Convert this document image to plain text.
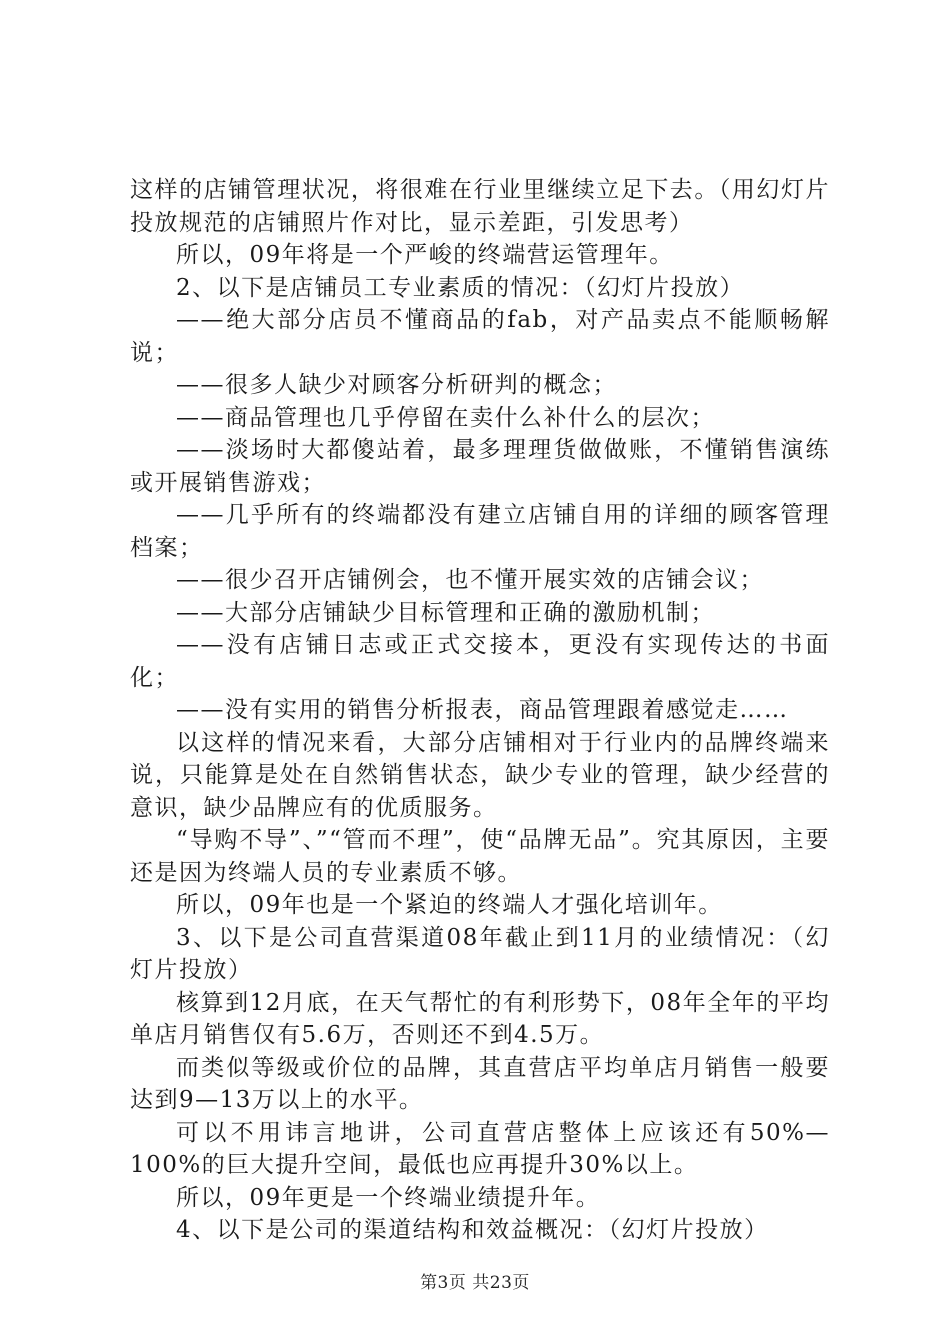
这样的店铺管理状况，将很难在行业里继续立足下去。（用幻灯片投放规范的店铺照片作对比，显示差距，引发思考）

所以，09年将是一个严峻的终端营运管理年。

2、以下是店铺员工专业素质的情况：（幻灯片投放）

——绝大部分店员不懂商品的fab，对产品卖点不能顺畅解说；

——很多人缺少对顾客分析研判的概念；

——商品管理也几乎停留在卖什么补什么的层次；

——淡场时大都傻站着，最多理理货做做账，不懂销售演练或开展销售游戏；

——几乎所有的终端都没有建立店铺自用的详细的顾客管理档案；

——很少召开店铺例会，也不懂开展实效的店铺会议；

——大部分店铺缺少目标管理和正确的激励机制；

——没有店铺日志或正式交接本，更没有实现传达的书面化；

——没有实用的销售分析报表，商品管理跟着感觉走……

以这样的情况来看，大部分店铺相对于行业内的品牌终端来说，只能算是处在自然销售状态，缺少专业的管理，缺少经营的意识，缺少品牌应有的优质服务。

“导购不导”、”“管而不理”，使“品牌无品”。究其原因，主要还是因为终端人员的专业素质不够。

所以，09年也是一个紧迫的终端人才强化培训年。

3、以下是公司直营渠道08年截止到11月的业绩情况：（幻灯片投放）

核算到12月底，在天气帮忙的有利形势下，08年全年的平均单店月销售仅有5.6万，否则还不到4.5万。

而类似等级或价位的品牌，其直营店平均单店月销售一般要达到9—13万以上的水平。

可以不用讳言地讲，公司直营店整体上应该还有50%—100%的巨大提升空间，最低也应再提升30%以上。

所以，09年更是一个终端业绩提升年。

4、以下是公司的渠道结构和效益概况：（幻灯片投放）

第3页 共23页
